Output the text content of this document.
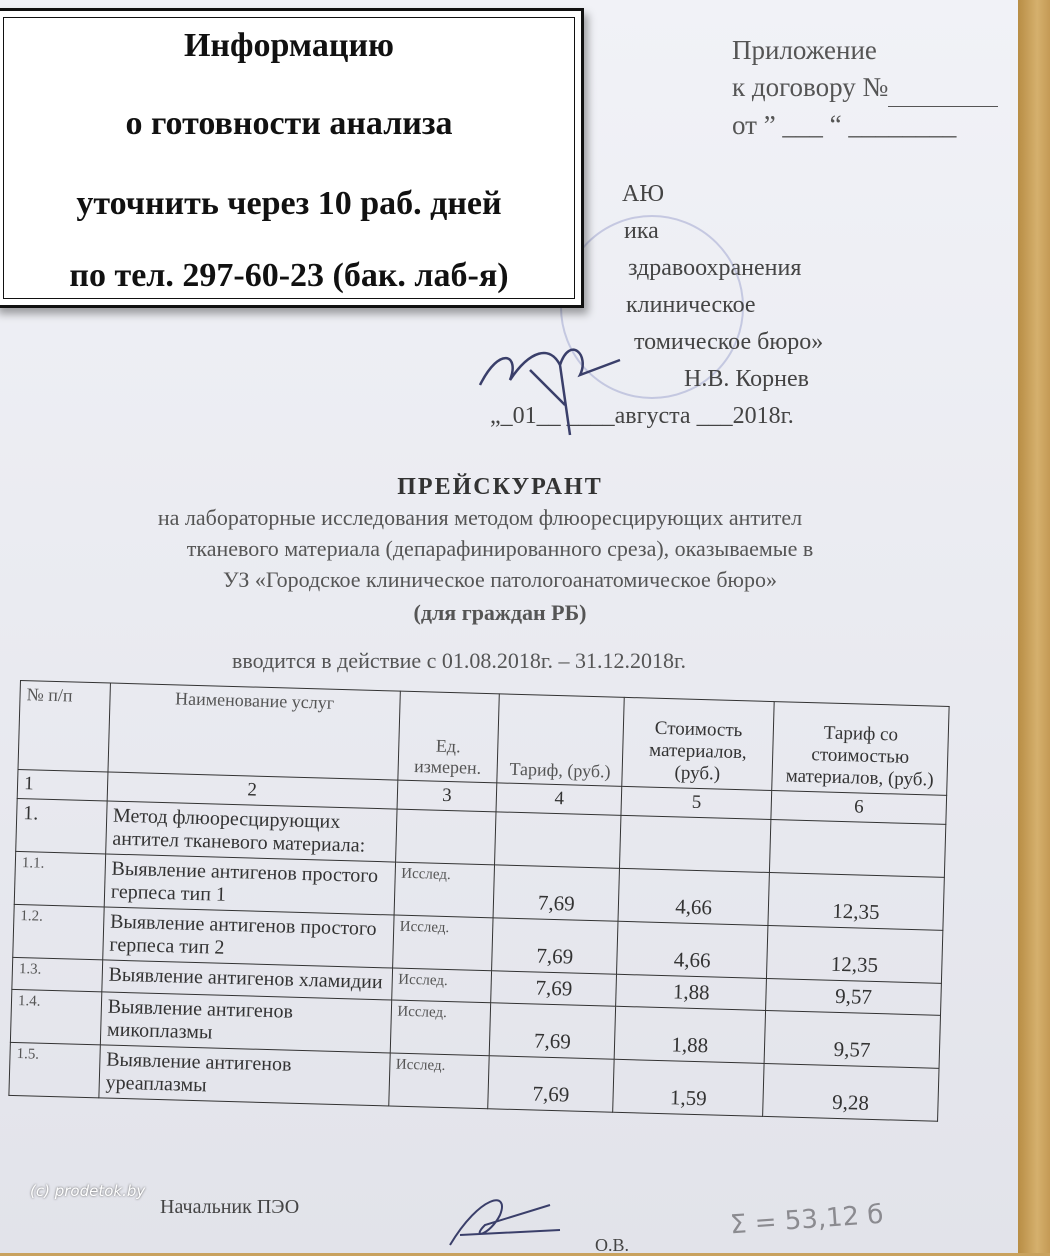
АЮ
ика
здравоохранения
клиническое
томическое бюро»
Н.В. Корнев
„_01__ ____августа ___2018г.
Приложение
к договору №
от ” ___ “ ________
Информацию
о готовности анализа
уточнить через 10 раб. дней
по тел. 297-60-23 (бак. лаб-я)
ПРЕЙСКУРАНТ
на лабораторные исследования методом флюоресцирующих антител
тканевого материала (депарафинированного среза), оказываемые в
УЗ «Городское клиническое патологоанатомическое бюро»
(для граждан РБ)
вводится в действие с 01.08.2018г. – 31.12.2018г.
№ п/п	Наименование услуг	Ед. измерен.	Тариф, (руб.)	Стоимость материалов, (руб.)	Тариф со стоимостью материалов, (руб.)
1	2	3	4	5	6
1.	Метод флюоресцирующих антител тканевого материала:				
1.1.	Выявление антигенов простого герпеса тип 1	Исслед.	7,69	4,66	12,35
1.2.	Выявление антигенов простого герпеса тип 2	Исслед.	7,69	4,66	12,35
1.3.	Выявление антигенов хламидии	Исслед.	7,69	1,88	9,57
1.4.	Выявление антигенов микоплазмы	Исслед.	7,69	1,88	9,57
1.5.	Выявление антигенов уреаплазмы	Исслед.	7,69	1,59	9,28
(c) prodetok.by
Начальник ПЭО	Σ = 53,12 б
О.В.
